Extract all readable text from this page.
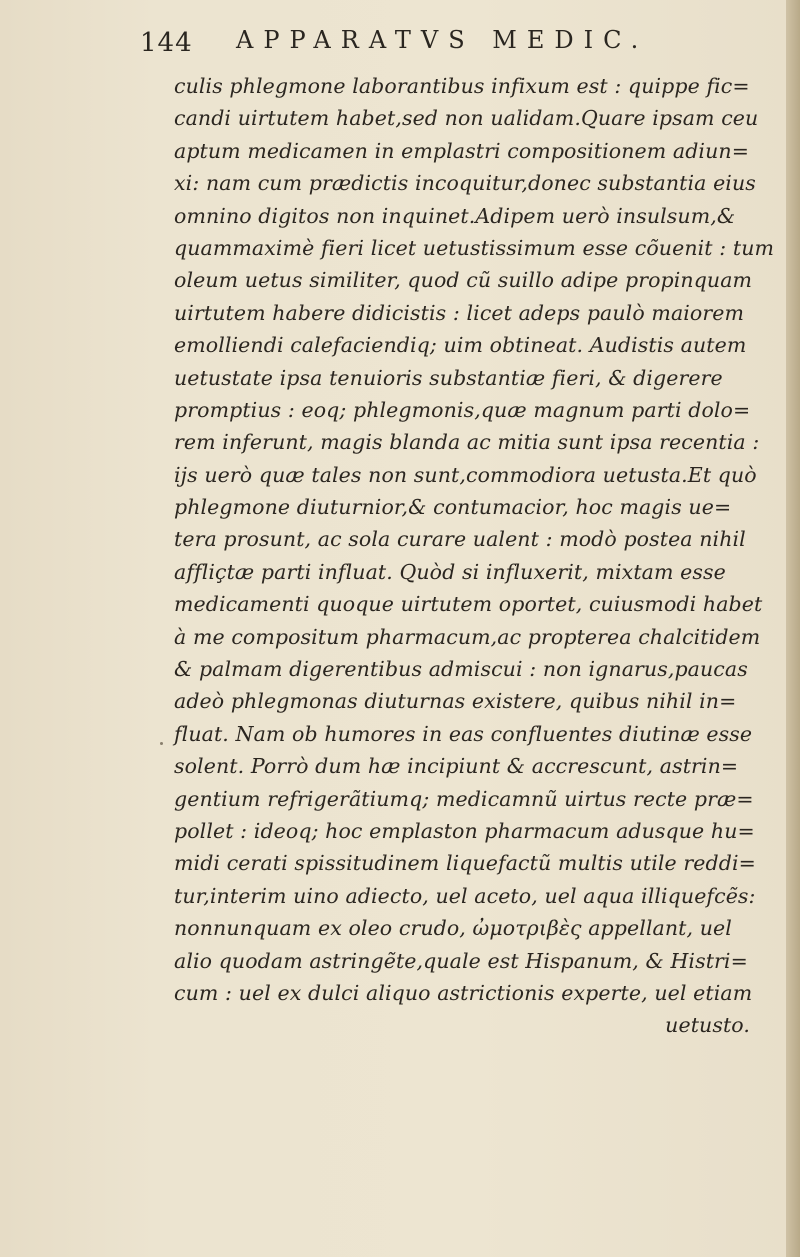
144 APPARATVS MEDIC.
culis phlegmone laborantibus infixum est : quippe fic=
candi uirtutem habet,sed non ualidam.Quare ipsam ceu
aptum medicamen in emplastri compositionem adiun=
xi: nam cum prædictis incoquitur,donec substantia eius
omnino digitos non inquinet.Adipem uerò insulsum,&
quammaximè fieri licet uetustissimum esse cõuenit : tum
oleum uetus similiter, quod cũ suillo adipe propinquam
uirtutem habere didicistis : licet adeps paulò maiorem
emolliendi calefaciendiq; uim obtineat. Audistis autem
uetustate ipsa tenuioris substantiæ fieri, & digerere
promptius : eoq; phlegmonis,quæ magnum parti dolo=
rem inferunt, magis blanda ac mitia sunt ipsa recentia :
ijs uerò quæ tales non sunt,commodiora uetusta.Et quò
phlegmone diuturnior,& contumacior, hoc magis ue=
tera prosunt, ac sola curare ualent : modò postea nihil
affliçtæ parti influat. Quòd si influxerit, mixtam esse
medicamenti quoque uirtutem oportet, cuiusmodi habet
à me compositum pharmacum,ac propterea chalcitidem
& palmam digerentibus admiscui : non ignarus,paucas
adeò phlegmonas diuturnas existere, quibus nihil in=
fluat. Nam ob humores in eas confluentes diutinæ esse
solent. Porrò dum hæ incipiunt & accrescunt, astrin=
gentium refrigerãtiumq; medicamnũ uirtus recte præ=
pollet : ideoq; hoc emplaston pharmacum adusque hu=
midi cerati spissitudinem liquefactũ multis utile reddi=
tur,interim uino adiecto, uel aceto, uel aqua illiquefcẽs:
nonnunquam ex oleo crudo, ὠμοτριβὲς appellant, uel
alio quodam astringẽte,quale est Hispanum, & Histri=
cum : uel ex dulci aliquo astrictionis experte, uel etiam
uetusto.
